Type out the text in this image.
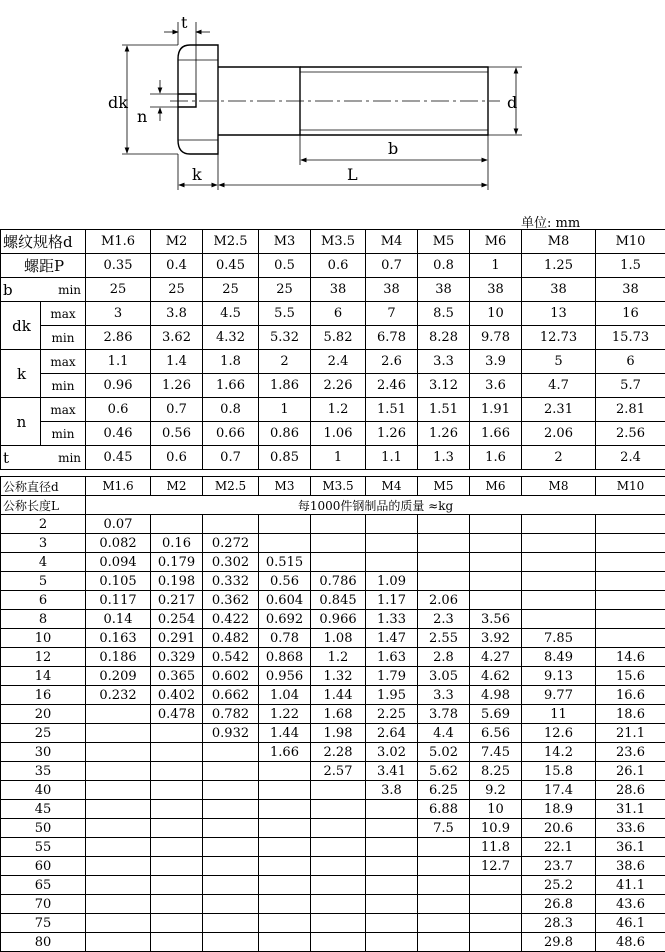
t
dk
n
d
b
k	L
单位: mm
螺纹规格d		M1.6	M2	M2.5	M3	M3.5	M4	M5	M6	M8	M10
螺距P		0.35	0.4	0.45	0.5	0.6	0.7	0.8	1	1.25	1.5
b	min	25	25	25	25	38	38	38	38	38	38
dk	max	3	3.8	4.5	5.5	6	7	8.5	10	13	16
	min	2.86	3.62	4.32	5.32	5.82	6.78	8.28	9.78	12.73	15.73
k	max	1.1	1.4	1.8	2	2.4	2.6	3.3	3.9	5	6
	min	0.96	1.26	1.66	1.86	2.26	2.46	3.12	3.6	4.7	5.7
n	max	0.6	0.7	0.8	1	1.2	1.51	1.51	1.91	2.31	2.81
	min	0.46	0.56	0.66	0.86	1.06	1.26	1.26	1.66	2.06	2.56
t	min	0.45	0.6	0.7	0.85	1	1.1	1.3	1.6	2	2.4
公称直径d	M1.6	M2	M2.5	M3	M3.5	M4	M5	M6	M8	M10
公称长度L	每1000件钢制品的质量 ≈kg									
2	0.07									
3	0.082	0.16	0.272							
4	0.094	0.179	0.302	0.515						
5	0.105	0.198	0.332	0.56	0.786	1.09				
6	0.117	0.217	0.362	0.604	0.845	1.17	2.06			
8	0.14	0.254	0.422	0.692	0.966	1.33	2.3	3.56		
10	0.163	0.291	0.482	0.78	1.08	1.47	2.55	3.92	7.85	
12	0.186	0.329	0.542	0.868	1.2	1.63	2.8	4.27	8.49	14.6
14	0.209	0.365	0.602	0.956	1.32	1.79	3.05	4.62	9.13	15.6
16	0.232	0.402	0.662	1.04	1.44	1.95	3.3	4.98	9.77	16.6
20		0.478	0.782	1.22	1.68	2.25	3.78	5.69	11	18.6
25			0.932	1.44	1.98	2.64	4.4	6.56	12.6	21.1
30				1.66	2.28	3.02	5.02	7.45	14.2	23.6
35					2.57	3.41	5.62	8.25	15.8	26.1
40						3.8	6.25	9.2	17.4	28.6
45							6.88	10	18.9	31.1
50							7.5	10.9	20.6	33.6
55								11.8	22.1	36.1
60								12.7	23.7	38.6
65									25.2	41.1
70									26.8	43.6
75									28.3	46.1
80									29.8	48.6
